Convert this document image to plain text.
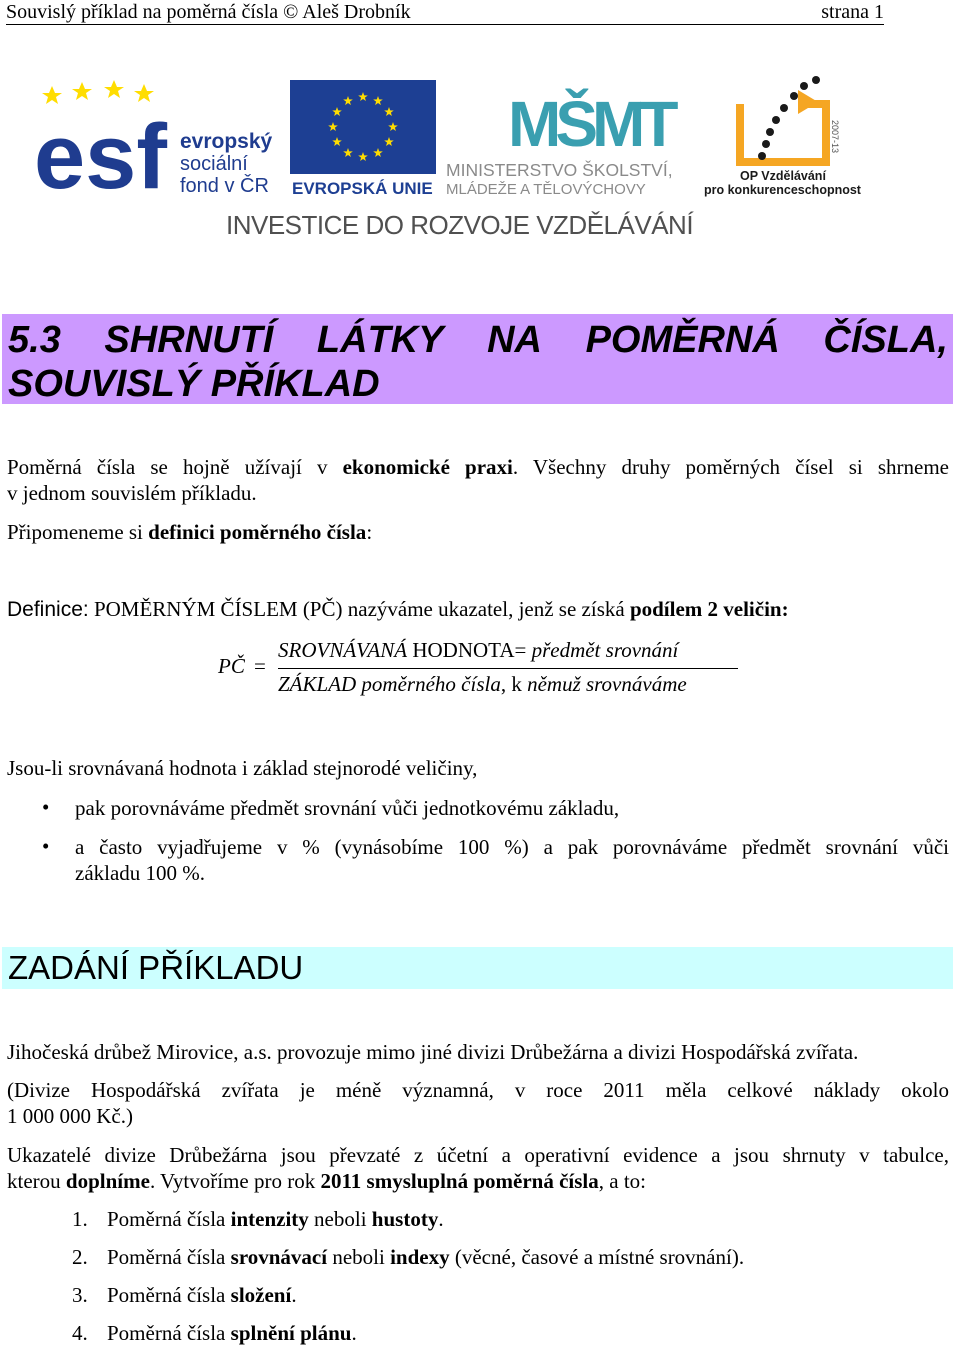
Souvislý příklad na poměrná čísla © Aleš Drobník	strana 1
esf evropský
sociální
fond v ČR EVROPSKÁ UNIE
MŠMT
MINISTERSTVO ŠKOLSTVÍ,
MLÁDEŽE A TĚLOVÝCHOVY
2007-13
OP Vzdělávání
pro konkurenceschopnost
INVESTICE DO ROZVOJE VZDĚLÁVÁNÍ
5.3 SHRNUTÍ LÁTKY NA POMĚRNÁ ČÍSLA,
SOUVISLÝ PŘÍKLAD
Poměrná čísla se hojně užívají v ekonomické praxi. Všechny druhy poměrných čísel si shrneme
v jednom souvislém příkladu.
Připomeneme si definici poměrného čísla:
Definice: POMĚRNÝM ČÍSLEM (PČ) nazýváme ukazatel, jenž se získá podílem 2 veličin:
PČ =
SROVNÁVANÁ HODNOTA= předmět srovnání
ZÁKLAD poměrného čísla, k němuž srovnáváme
Jsou-li srovnávaná hodnota i základ stejnorodé veličiny,
• pak porovnáváme předmět srovnání vůči jednotkovému základu,
• a často vyjadřujeme v % (vynásobíme 100 %) a pak porovnáváme předmět srovnání vůči
základu 100 %.
ZADÁNÍ PŘÍKLADU
Jihočeská drůbež Mirovice, a.s. provozuje mimo jiné divizi Drůbežárna a divizi Hospodářská zvířata.
(Divize Hospodářská zvířata je méně významná, v roce 2011 měla celkové náklady okolo
1 000 000 Kč.)
Ukazatelé divize Drůbežárna jsou převzaté z účetní a operativní evidence a jsou shrnuty v tabulce,
kterou doplníme. Vytvoříme pro rok 2011 smysluplná poměrná čísla, a to:
1. Poměrná čísla intenzity neboli hustoty.
2. Poměrná čísla srovnávací neboli indexy (věcné, časové a místné srovnání).
3. Poměrná čísla složení.
4. Poměrná čísla splnění plánu.
